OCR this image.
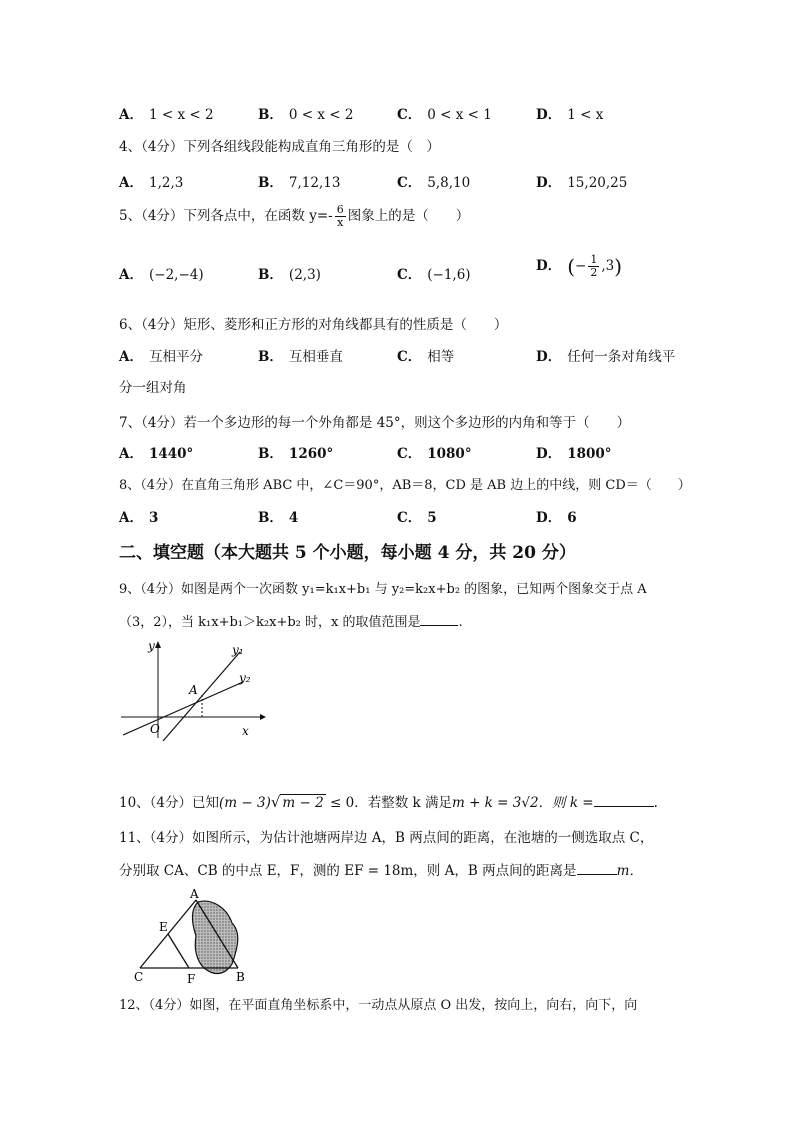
A． 1 < x < 2	B． 0 < x < 2	C． 0 < x < 1	D． 1 < x
4、（4分）下列各组线段能构成直角三角形的是（　）
A． 1,2,3	B． 7,12,13	C． 5,8,10	D． 15,20,25
5、（4分）下列各点中，在函数 $y=- \frac{6}{x}$ 图象上的是（　　）
A． (−2,−4)	B． (2,3)	C． (−1,6)
D． (− $\frac{1}{2} ,3$)
6、（4分）矩形、菱形和正方形的对角线都具有的性质是（　　）
A． 互相平分	B． 互相垂直	C． 相等	D． 任何一条对角线平
分一组对角
7、（4分）若一个多边形的每一个外角都是 45°，则这个多边形的内角和等于（　　）
A． 1440°	B． 1260°	C． 1080°	D． 1800°
8、（4分）在直角三角形 ABC 中，∠C＝90°，AB＝8，CD 是 AB 边上的中线，则 CD＝（　　）
A． 3	B． 4	C． 5	D． 6
二、填空题（本大题共 5 个小题，每小题 4 分，共 20 分）
9、（4分）如图是两个一次函数 y₁=k₁x+b₁ 与 y₂=k₂x+b₂ 的图象，已知两个图象交于点 A
（3，2），当 k₁x+b₁＞k₂x+b₂ 时，x 的取值范围是	.
y
x
O
A
y₁
y₂
10、（4分）已知(m − 3)√ m − 2 ≤ 0．若整数 k 满足m + k = 3√2．则 k =	.
11、（4分）如图所示，为估计池塘两岸边 A，B 两点间的距离，在池塘的一侧选取点 C，
分别取 CA、CB 的中点 E，F，测的 EF = 18m，则 A，B 两点间的距离是	m．
A
B
C
E
F
12、（4分）如图，在平面直角坐标系中，一动点从原点 O 出发，按向上，向右，向下，向
